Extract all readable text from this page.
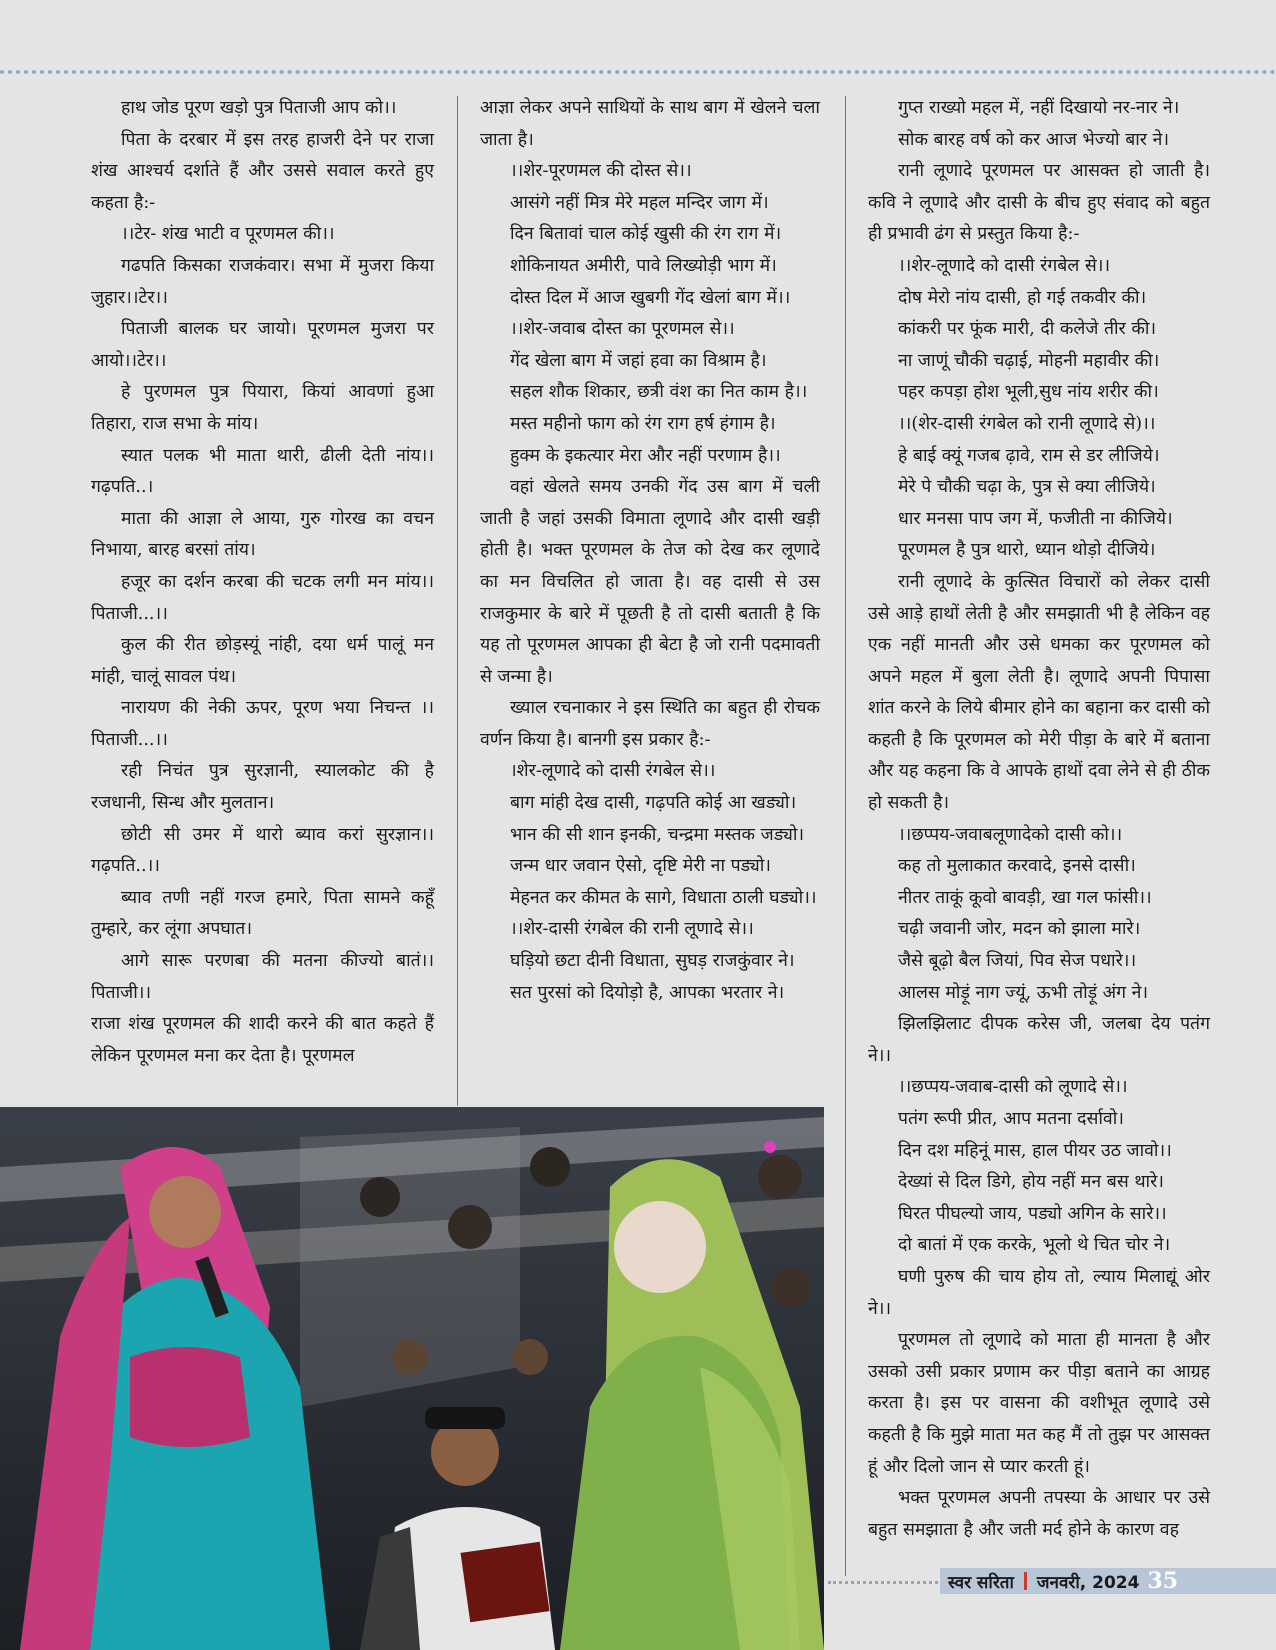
हाथ जोड पूरण खड़ो पुत्र पिताजी आप को।।

पिता के दरबार में इस तरह हाजरी देने पर राजा शंख आश्चर्य दर्शाते हैं और उससे सवाल करते हुए कहता है:-

।।टेर- शंख भाटी व पूरणमल की।।

गढपति किसका राजकंवार। सभा में मुजरा किया जुहार।।टेर।।

पिताजी बालक घर जायो। पूरणमल मुजरा पर आयो।।टेर।।

हे पुरणमल पुत्र पियारा, कियां आवणां हुआ तिहारा, राज सभा के मांय।

स्यात पलक भी माता थारी, ढीली देती नांय।। गढ़पति..।

माता की आज्ञा ले आया, गुरु गोरख का वचन निभाया, बारह बरसां तांय।

हजूर का दर्शन करबा की चटक लगी मन मांय।।पिताजी...।।

कुल की रीत छोड़स्यूं नांही, दया धर्म पालूं मन मांही, चालूं सावल पंथ।

नारायण की नेकी ऊपर, पूरण भया निचन्त ।। पिताजी...।।

रही निचंत पुत्र सुरज्ञानी, स्यालकोट की है रजधानी, सिन्ध और मुलतान।

छोटी सी उमर में थारो ब्याव करां सुरज्ञान।।गढ़पति..।।

ब्याव तणी नहीं गरज हमारे, पिता सामने कहूँ तुम्हारे, कर लूंगा अपघात।

आगे सारू परणबा की मतना कीज्यो बातं।। पिताजी।।

राजा शंख पूरणमल की शादी करने की बात कहते हैं लेकिन पूरणमल मना कर देता है। पूरणमल

आज्ञा लेकर अपने साथियों के साथ बाग में खेलने चला जाता है।

।।शेर-पूरणमल की दोस्त से।।

आसंगे नहीं मित्र मेरे महल मन्दिर जाग में।

दिन बितावां चाल कोई खुसी की रंग राग में।

शोकिनायत अमीरी, पावे लिख्योड़ी भाग में।

दोस्त दिल में आज खुबगी गेंद खेलां बाग में।।

।।शेर-जवाब दोस्त का पूरणमल से।।

गेंद खेला बाग में जहां हवा का विश्राम है।

सहल शौक शिकार, छत्री वंश का नित काम है।।

मस्त महीनो फाग को रंग राग हर्ष हंगाम है।

हुक्म के इकत्यार मेरा और नहीं परणाम है।।

वहां खेलते समय उनकी गेंद उस बाग में चली जाती है जहां उसकी विमाता लूणादे और दासी खड़ी होती है। भक्त पूरणमल के तेज को देख कर लूणादे का मन विचलित हो जाता है। वह दासी से उस राजकुमार के बारे में पूछती है तो दासी बताती है कि यह तो पूरणमल आपका ही बेटा है जो रानी पदमावती से जन्मा है।

ख्याल रचनाकार ने इस स्थिति का बहुत ही रोचक वर्णन किया है। बानगी इस प्रकार है:-

।शेर-लूणादे को दासी रंगबेल से।।

बाग मांही देख दासी, गढ़पति कोई आ खड्यो।

भान की सी शान इनकी, चन्द्रमा मस्तक जड्यो।

जन्म धार जवान ऐसो, दृष्टि मेरी ना पड्यो।

मेहनत कर कीमत के सागे, विधाता ठाली घड्यो।।

।।शेर-दासी रंगबेल की रानी लूणादे से।।

घड़ियो छटा दीनी विधाता, सुघड़ राजकुंवार ने।

सत पुरसां को दियोड़ो है, आपका भरतार ने।

गुप्त राख्यो महल में, नहीं दिखायो नर-नार ने।

सोक बारह वर्ष को कर आज भेज्यो बार ने।

रानी लूणादे पूरणमल पर आसक्त हो जाती है। कवि ने लूणादे और दासी के बीच हुए संवाद को बहुत ही प्रभावी ढंग से प्रस्तुत किया है:-

।।शेर-लूणादे को दासी रंगबेल से।।

दोष मेरो नांय दासी, हो गई तकवीर की।

कांकरी पर फूंक मारी, दी कलेजे तीर की।

ना जाणूं चौकी चढ़ाई, मोहनी महावीर की।

पहर कपड़ा होश भूली,सुध नांय शरीर की।

।।(शेर-दासी रंगबेल को रानी लूणादे से)।।

हे बाई क्यूं गजब ढ़ावे, राम से डर लीजिये।

मेरे पे चौकी चढ़ा के, पुत्र से क्या लीजिये।

धार मनसा पाप जग में, फजीती ना कीजिये।

पूरणमल है पुत्र थारो, ध्यान थोड़ो दीजिये।

रानी लूणादे के कुत्सित विचारों को लेकर दासी उसे आड़े हाथों लेती है और समझाती भी है लेकिन वह एक नहीं मानती और उसे धमका कर पूरणमल को अपने महल में बुला लेती है। लूणादे अपनी पिपासा शांत करने के लिये बीमार होने का बहाना कर दासी को कहती है कि पूरणमल को मेरी पीड़ा के बारे में बताना और यह कहना कि वे आपके हाथों दवा लेने से ही ठीक हो सकती है।

।।छप्पय-जवाबलूणादेको दासी को।।

कह तो मुलाकात करवादे, इनसे दासी।

नीतर ताकूं कूवो बावड़ी, खा गल फांसी।।

चढ़ी जवानी जोर, मदन को झाला मारे।

जैसे बूढ़ो बैल जियां, पिव सेज पधारे।।

आलस मोड़ूं नाग ज्यूं, ऊभी तोड़ूं अंग ने।

झिलझिलाट दीपक करेस जी, जलबा देय पतंग ने।।

।।छप्पय-जवाब-दासी को लूणादे से।।

पतंग रूपी प्रीत, आप मतना दर्सावो।

दिन दश महिनूं मास, हाल पीयर उठ जावो।।

देख्यां से दिल डिगे, होय नहीं मन बस थारे।

घिरत पीघल्यो जाय, पड्यो अगिन के सारे।।

दो बातां में एक करके, भूलो थे चित चोर ने।

घणी पुरुष की चाय होय तो, ल्याय मिलाद्यूं ओर ने।।

पूरणमल तो लूणादे को माता ही मानता है और उसको उसी प्रकार प्रणाम कर पीड़ा बताने का आग्रह करता है। इस पर वासना की वशीभूत लूणादे उसे कहती है कि मुझे माता मत कह मैं तो तुझ पर आसक्त हूं और दिलो जान से प्यार करती हूं।

भक्त पूरणमल अपनी तपस्या के आधार पर उसे बहुत समझाता है और जती मर्द होने के कारण वह

स्वर सरिता जनवरी, 2024 35
